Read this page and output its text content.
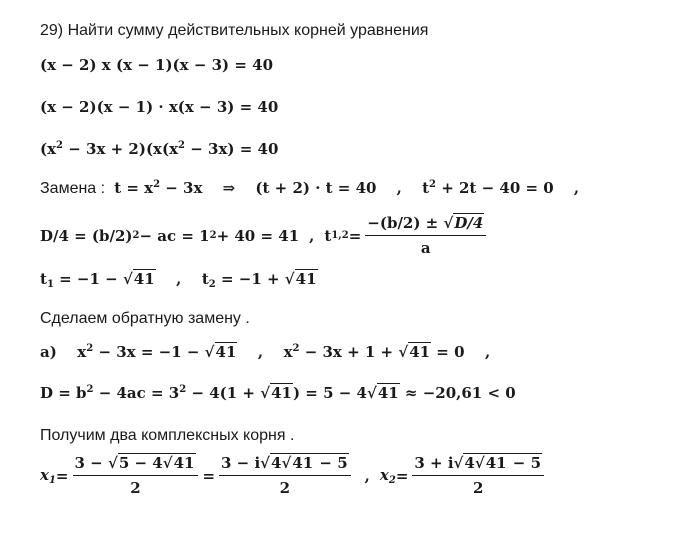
29) Найти сумму действительных корней уравнения
(x − 2) x (x − 1)(x − 3) = 40
(x − 2)(x − 1) · x(x − 3) = 40
$(x^2 - 3x + 2)(x(x^2 - 3x) = 40$
Замена : $t = x^2 - 3x$ ⇒ (t + 2) · t = 40 , $t^2 + 2t - 40 = 0$ ,
D/4 = (b/2) 2 − ac = 1 2 + 40 = 41 , t $1,2 = \frac{-(b/2) \pm √D/4}{a}$
$t_1 = -1 - √41$ , $t_2 = -1 + √41$
Сделаем обратную замену .
а) $x^2 - 3x = -1 - √41$ , $x^2 - 3x + 1 + √41 = 0$ ,
$D = b^2 - 4ac = 3^2 - 4(1 + √41) = 5 - 4√41 \approx -20,61 < 0$
Получим два комплексных корня .
$x_1 = \frac{3 - √5 - 4√41}{2} = \frac{3 - i√4√41 - 5}{2}$ , $x_2 = \frac{3 + i√4√41 - 5}{2}$
